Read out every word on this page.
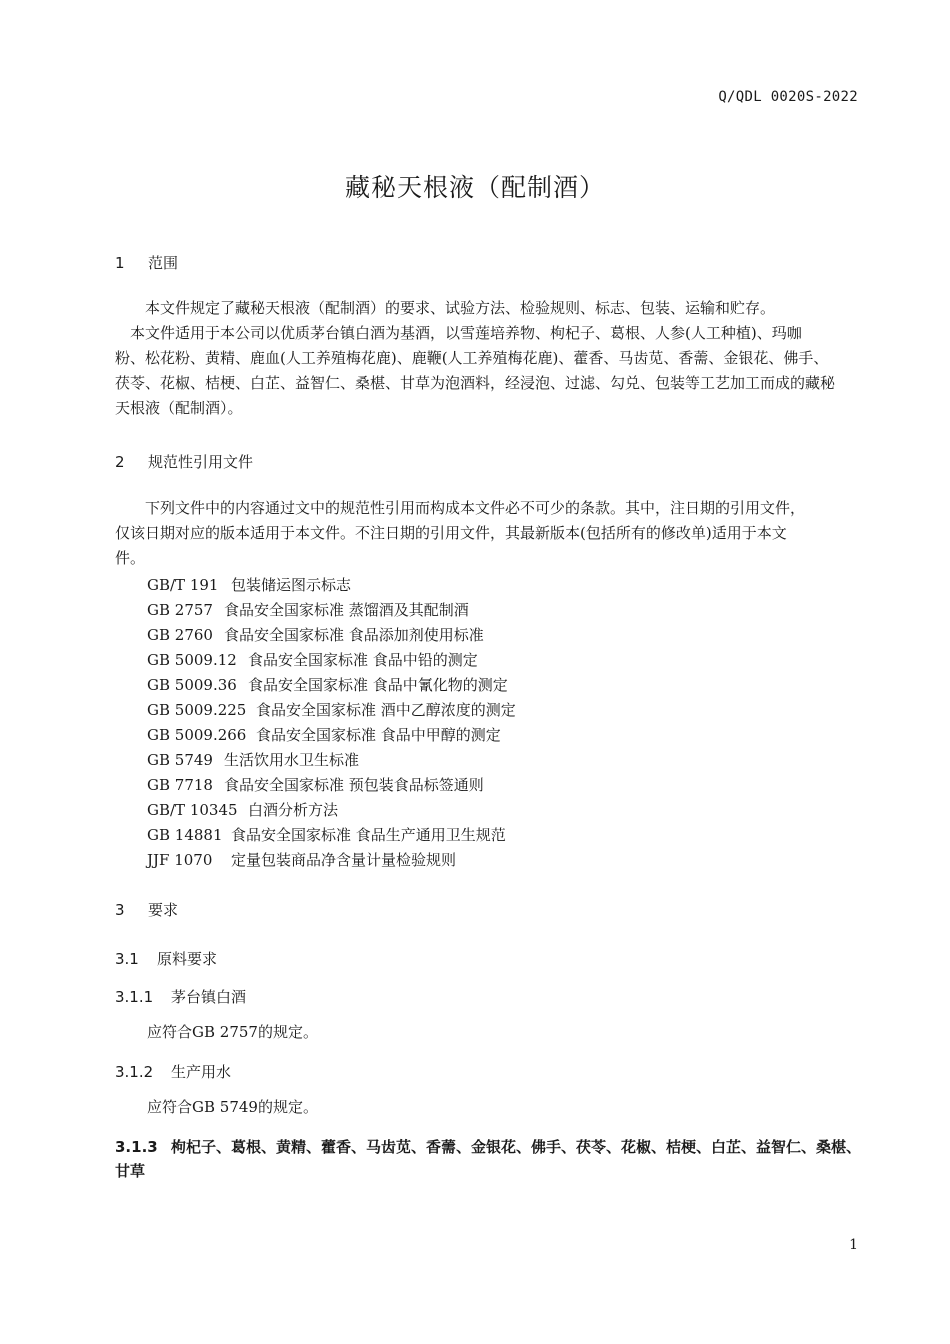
Q/QDL 0020S-2022
藏秘天根液（配制酒）
1 范围
　　本文件规定了藏秘天根液（配制酒）的要求、试验方法、检验规则、标志、包装、运输和贮存。
　本文件适用于本公司以优质茅台镇白酒为基酒，以雪莲培养物、枸杞子、葛根、人参(人工种植)、玛咖
粉、松花粉、黄精、鹿血(人工养殖梅花鹿)、鹿鞭(人工养殖梅花鹿)、藿香、马齿苋、香薷、金银花、佛手、
茯苓、花椒、桔梗、白芷、益智仁、桑椹、甘草为泡酒料，经浸泡、过滤、勾兑、包装等工艺加工而成的藏秘
天根液（配制酒）。
2 规范性引用文件
　　下列文件中的内容通过文中的规范性引用而构成本文件必不可少的条款。其中，注日期的引用文件，
仅该日期对应的版本适用于本文件。不注日期的引用文件，其最新版本(包括所有的修改单)适用于本文
件。
GB/T 191 包装储运图示标志
GB 2757 食品安全国家标准 蒸馏酒及其配制酒
GB 2760 食品安全国家标准 食品添加剂使用标准
GB 5009.12 食品安全国家标准 食品中铅的测定
GB 5009.36 食品安全国家标准 食品中氰化物的测定
GB 5009.225 食品安全国家标准 酒中乙醇浓度的测定
GB 5009.266 食品安全国家标准 食品中甲醇的测定
GB 5749 生活饮用水卫生标准
GB 7718 食品安全国家标准 预包装食品标签通则
GB/T 10345 白酒分析方法
GB 14881 食品安全国家标准 食品生产通用卫生规范
JJF 1070 定量包装商品净含量计量检验规则
3 要求
3.1 原料要求
3.1.1 茅台镇白酒
应符合GB 2757的规定。
3.1.2 生产用水
应符合GB 5749的规定。
3.1.3 枸杞子、葛根、黄精、藿香、马齿苋、香薷、金银花、佛手、茯苓、花椒、桔梗、白芷、益智仁、桑椹、
甘草
1
